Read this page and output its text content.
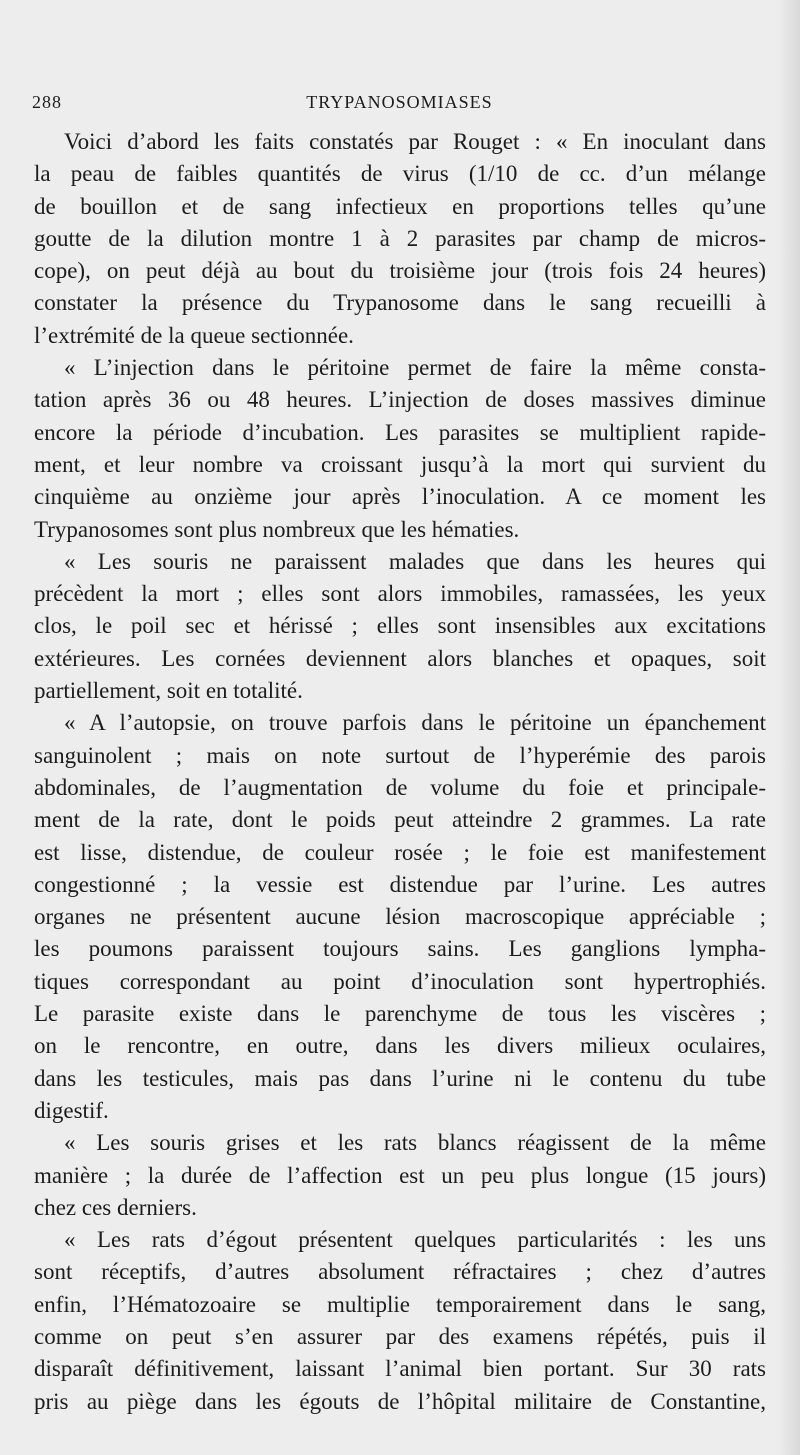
288	TRYPANOSOMIASES
Voici d’abord les faits constatés par Rouget : « En inoculant dans
la peau de faibles quantités de virus (1/10 de cc. d’un mélange
de bouillon et de sang infectieux en proportions telles qu’une
goutte de la dilution montre 1 à 2 parasites par champ de micros-
cope), on peut déjà au bout du troisième jour (trois fois 24 heures)
constater la présence du Trypanosome dans le sang recueilli à
l’extrémité de la queue sectionnée.
« L’injection dans le péritoine permet de faire la même consta-
tation après 36 ou 48 heures. L’injection de doses massives diminue
encore la période d’incubation. Les parasites se multiplient rapide-
ment, et leur nombre va croissant jusqu’à la mort qui survient du
cinquième au onzième jour après l’inoculation. A ce moment les
Trypanosomes sont plus nombreux que les hématies.
« Les souris ne paraissent malades que dans les heures qui
précèdent la mort ; elles sont alors immobiles, ramassées, les yeux
clos, le poil sec et hérissé ; elles sont insensibles aux excitations
extérieures. Les cornées deviennent alors blanches et opaques, soit
partiellement, soit en totalité.
« A l’autopsie, on trouve parfois dans le péritoine un épanchement
sanguinolent ; mais on note surtout de l’hyperémie des parois
abdominales, de l’augmentation de volume du foie et principale-
ment de la rate, dont le poids peut atteindre 2 grammes. La rate
est lisse, distendue, de couleur rosée ; le foie est manifestement
congestionné ; la vessie est distendue par l’urine. Les autres
organes ne présentent aucune lésion macroscopique appréciable ;
les poumons paraissent toujours sains. Les ganglions lympha-
tiques correspondant au point d’inoculation sont hypertrophiés.
Le parasite existe dans le parenchyme de tous les viscères ;
on le rencontre, en outre, dans les divers milieux oculaires,
dans les testicules, mais pas dans l’urine ni le contenu du tube
digestif.
« Les souris grises et les rats blancs réagissent de la même
manière ; la durée de l’affection est un peu plus longue (15 jours)
chez ces derniers.
« Les rats d’égout présentent quelques particularités : les uns
sont réceptifs, d’autres absolument réfractaires ; chez d’autres
enfin, l’Hématozoaire se multiplie temporairement dans le sang,
comme on peut s’en assurer par des examens répétés, puis il
disparaît définitivement, laissant l’animal bien portant. Sur 30 rats
pris au piège dans les égouts de l’hôpital militaire de Constantine,
